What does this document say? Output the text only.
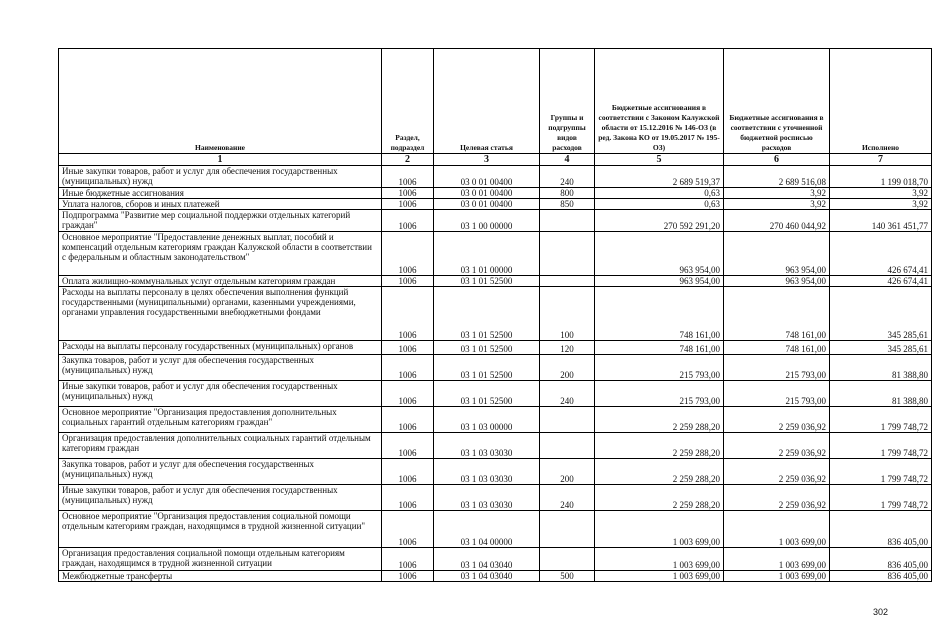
Наименование	Раздел, подраздел	Целевая статья	Группы и подгруппы видов расходов	Бюджетные ассигнования в соответствии с Законом Калужской области от 15.12.2016 № 146-ОЗ (в ред. Закона КО от 19.05.2017 № 195-ОЗ)	Бюджетные ассигнования в соответствии с уточненной бюджетной росписью расходов	Исполнено
1	2	3	4	5	6	7
Иные закупки товаров, работ и услуг для обеспечения государственных (муниципальных) нужд	1006	03 0 01 00400	240	2 689 519,37	2 689 516,08	1 199 018,70
Иные бюджетные ассигнования	1006	03 0 01 00400	800	0,63	3,92	3,92
Уплата налогов, сборов и иных платежей	1006	03 0 01 00400	850	0,63	3,92	3,92
Подпрограмма "Развитие мер социальной поддержки отдельных категорий граждан"	1006	03 1 00 00000		270 592 291,20	270 460 044,92	140 361 451,77
Основное мероприятие "Предоставление денежных выплат, пособий и компенсаций отдельным категориям граждан Калужской области в соответствии с федеральным и областным законодательством"	1006	03 1 01 00000		963 954,00	963 954,00	426 674,41
Оплата жилищно-коммунальных услуг отдельным категориям граждан	1006	03 1 01 52500		963 954,00	963 954,00	426 674,41
Расходы на выплаты персоналу в целях обеспечения выполнения функций государственными (муниципальными) органами, казенными учреждениями, органами управления государственными внебюджетными фондами	1006	03 1 01 52500	100	748 161,00	748 161,00	345 285,61
Расходы на выплаты персоналу государственных (муниципальных) органов	1006	03 1 01 52500	120	748 161,00	748 161,00	345 285,61
Закупка товаров, работ и услуг для обеспечения государственных (муниципальных) нужд	1006	03 1 01 52500	200	215 793,00	215 793,00	81 388,80
Иные закупки товаров, работ и услуг для обеспечения государственных (муниципальных) нужд	1006	03 1 01 52500	240	215 793,00	215 793,00	81 388,80
Основное мероприятие "Организация предоставления дополнительных социальных гарантий отдельным категориям граждан"	1006	03 1 03 00000		2 259 288,20	2 259 036,92	1 799 748,72
Организация предоставления дополнительных социальных гарантий отдельным категориям граждан	1006	03 1 03 03030		2 259 288,20	2 259 036,92	1 799 748,72
Закупка товаров, работ и услуг для обеспечения государственных (муниципальных) нужд	1006	03 1 03 03030	200	2 259 288,20	2 259 036,92	1 799 748,72
Иные закупки товаров, работ и услуг для обеспечения государственных (муниципальных) нужд	1006	03 1 03 03030	240	2 259 288,20	2 259 036,92	1 799 748,72
Основное мероприятие "Организация предоставления социальной помощи отдельным категориям граждан, находящимся в трудной жизненной ситуации"	1006	03 1 04 00000		1 003 699,00	1 003 699,00	836 405,00
Организация предоставления социальной помощи отдельным категориям граждан, находящимся в трудной жизненной ситуации	1006	03 1 04 03040		1 003 699,00	1 003 699,00	836 405,00
Межбюджетные трансферты	1006	03 1 04 03040	500	1 003 699,00	1 003 699,00	836 405,00
302
